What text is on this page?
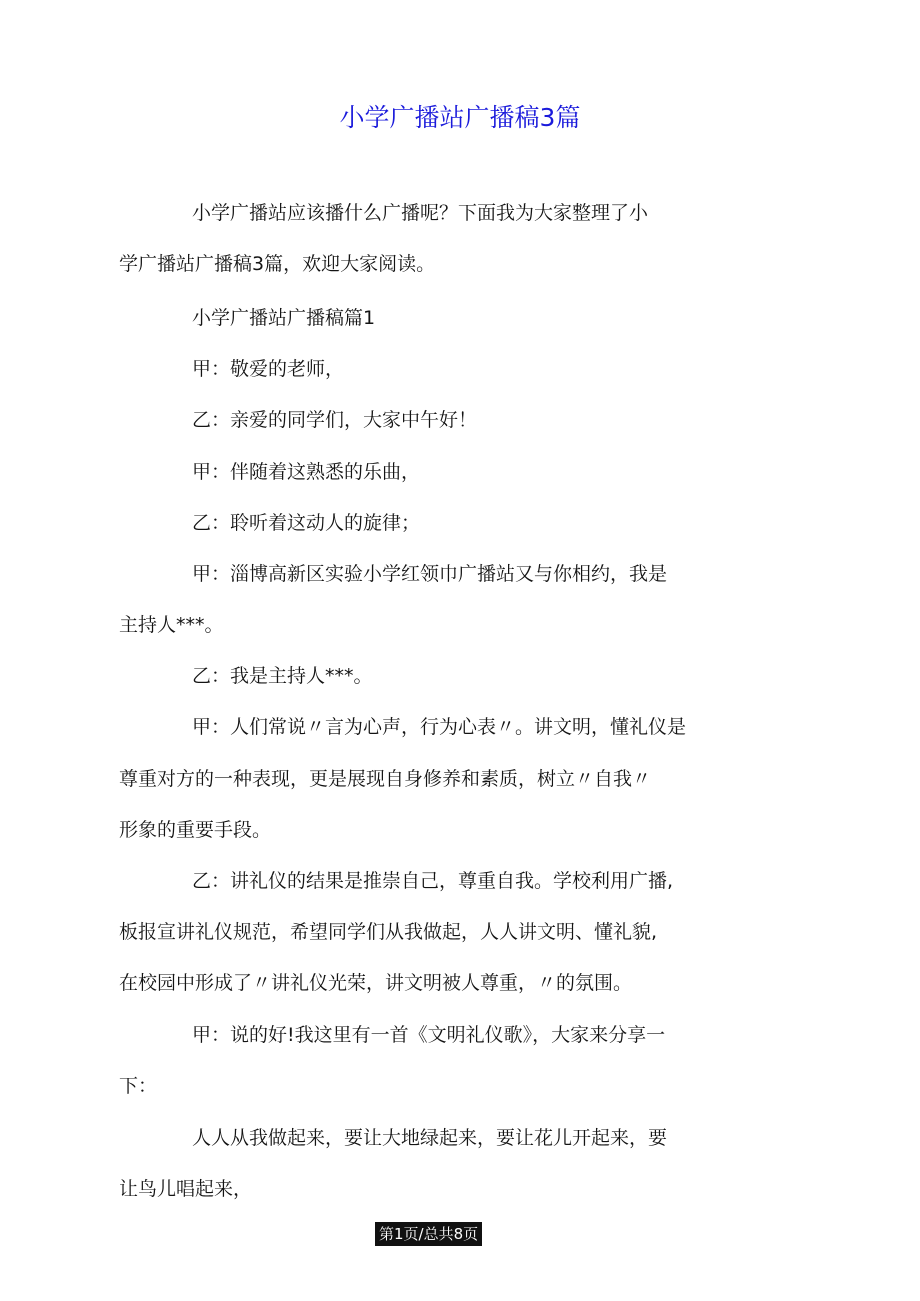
小学广播站广播稿3篇
小学广播站应该播什么广播呢？下面我为大家整理了小
学广播站广播稿3篇，欢迎大家阅读。
小学广播站广播稿篇1
甲：敬爱的老师，
乙：亲爱的同学们，大家中午好！
甲：伴随着这熟悉的乐曲，
乙：聆听着这动人的旋律；
甲：淄博高新区实验小学红领巾广播站又与你相约，我是
主持人***。
乙：我是主持人***。
甲：人们常说〃言为心声，行为心表〃。讲文明，懂礼仪是
尊重对方的一种表现，更是展现自身修养和素质，树立〃自我〃
形象的重要手段。
乙：讲礼仪的结果是推崇自己，尊重自我。学校利用广播,
板报宣讲礼仪规范，希望同学们从我做起，人人讲文明、懂礼貌,
在校园中形成了〃讲礼仪光荣，讲文明被人尊重，〃的氛围。
甲：说的好!我这里有一首《文明礼仪歌》，大家来分享一
下：
人人从我做起来，要让大地绿起来，要让花儿开起来，要
让鸟儿唱起来，
第1页/总共8页
